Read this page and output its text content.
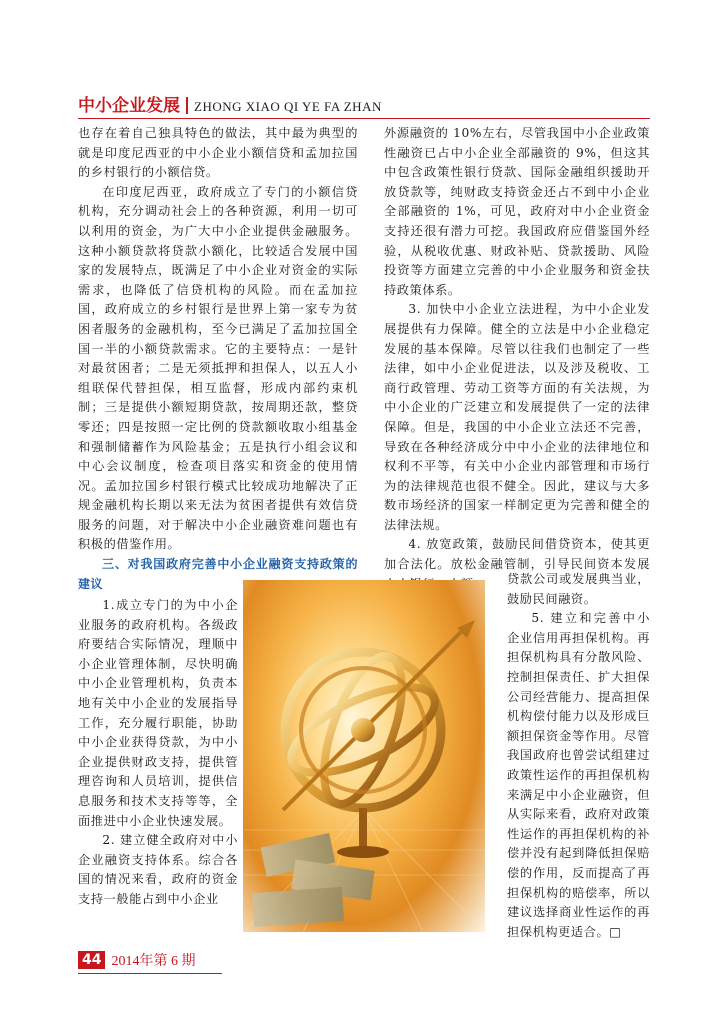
中小企业发展 ZHONG XIAO QI YE FA ZHAN

也存在着自己独具特色的做法，其中最为典型的就是印度尼西亚的中小企业小额信贷和孟加拉国的乡村银行的小额信贷。

在印度尼西亚，政府成立了专门的小额信贷机构，充分调动社会上的各种资源，利用一切可以利用的资金，为广大中小企业提供金融服务。这种小额贷款将贷款小额化，比较适合发展中国家的发展特点，既满足了中小企业对资金的实际需求，也降低了信贷机构的风险。而在孟加拉国，政府成立的乡村银行是世界上第一家专为贫困者服务的金融机构，至今已满足了孟加拉国全国一半的小额贷款需求。它的主要特点：一是针对最贫困者；二是无须抵押和担保人，以五人小组联保代替担保，相互监督，形成内部约束机制；三是提供小额短期贷款，按周期还款，整贷零还；四是按照一定比例的贷款额收取小组基金和强制储蓄作为风险基金；五是执行小组会议和中心会议制度，检查项目落实和资金的使用情况。孟加拉国乡村银行模式比较成功地解决了正规金融机构长期以来无法为贫困者提供有效信贷服务的问题，对于解决中小企业融资难问题也有积极的借鉴作用。

三、对我国政府完善中小企业融资支持政策的建议

1.成立专门的为中小企业服务的政府机构。各级政府要结合实际情况，理顺中小企业管理体制，尽快明确中小企业管理机构，负责本地有关中小企业的发展指导工作，充分履行职能，协助中小企业获得贷款，为中小企业提供财政支持，提供管理咨询和人员培训，提供信息服务和技术支持等等，全面推进中小企业快速发展。

2. 建立健全政府对中小企业融资支持体系。综合各国的情况来看，政府的资金支持一般能占到中小企业

外源融资的 10%左右，尽管我国中小企业政策性融资已占中小企业全部融资的 9%，但这其中包含政策性银行贷款、国际金融组织援助开放贷款等，纯财政支持资金还占不到中小企业全部融资的 1%，可见，政府对中小企业资金支持还很有潜力可挖。我国政府应借鉴国外经验，从税收优惠、财政补贴、贷款援助、风险投资等方面建立完善的中小企业服务和资金扶持政策体系。

3. 加快中小企业立法进程，为中小企业发展提供有力保障。健全的立法是中小企业稳定发展的基本保障。尽管以往我们也制定了一些法律，如中小企业促进法，以及涉及税收、工商行政管理、劳动工资等方面的有关法规，为中小企业的广泛建立和发展提供了一定的法律保障。但是，我国的中小企业立法还不完善，导致在各种经济成分中中小企业的法律地位和权利不平等，有关中小企业内部管理和市场行为的法律规范也很不健全。因此，建议与大多数市场经济的国家一样制定更为完善和健全的法律法规。

4. 放宽政策，鼓励民间借贷资本，使其更加合法化。放松金融管制，引导民间资本发展

贷款公司或发展典当业，鼓励民间融资。

5. 建立和完善中小企业信用再担保机构。再担保机构具有分散风险、控制担保责任、扩大担保公司经营能力、提高担保机构偿付能力以及形成巨额担保资金等作用。尽管我国政府也曾尝试组建过政策性运作的再担保机构来满足中小企业融资，但从实际来看，政府对政策性运作的再担保机构的补偿并没有起到降低担保赔偿的作用，反而提高了再担保机构的赔偿率，所以建议选择商业性运作的再担保机构更适合。□

44 2014年第 6 期
